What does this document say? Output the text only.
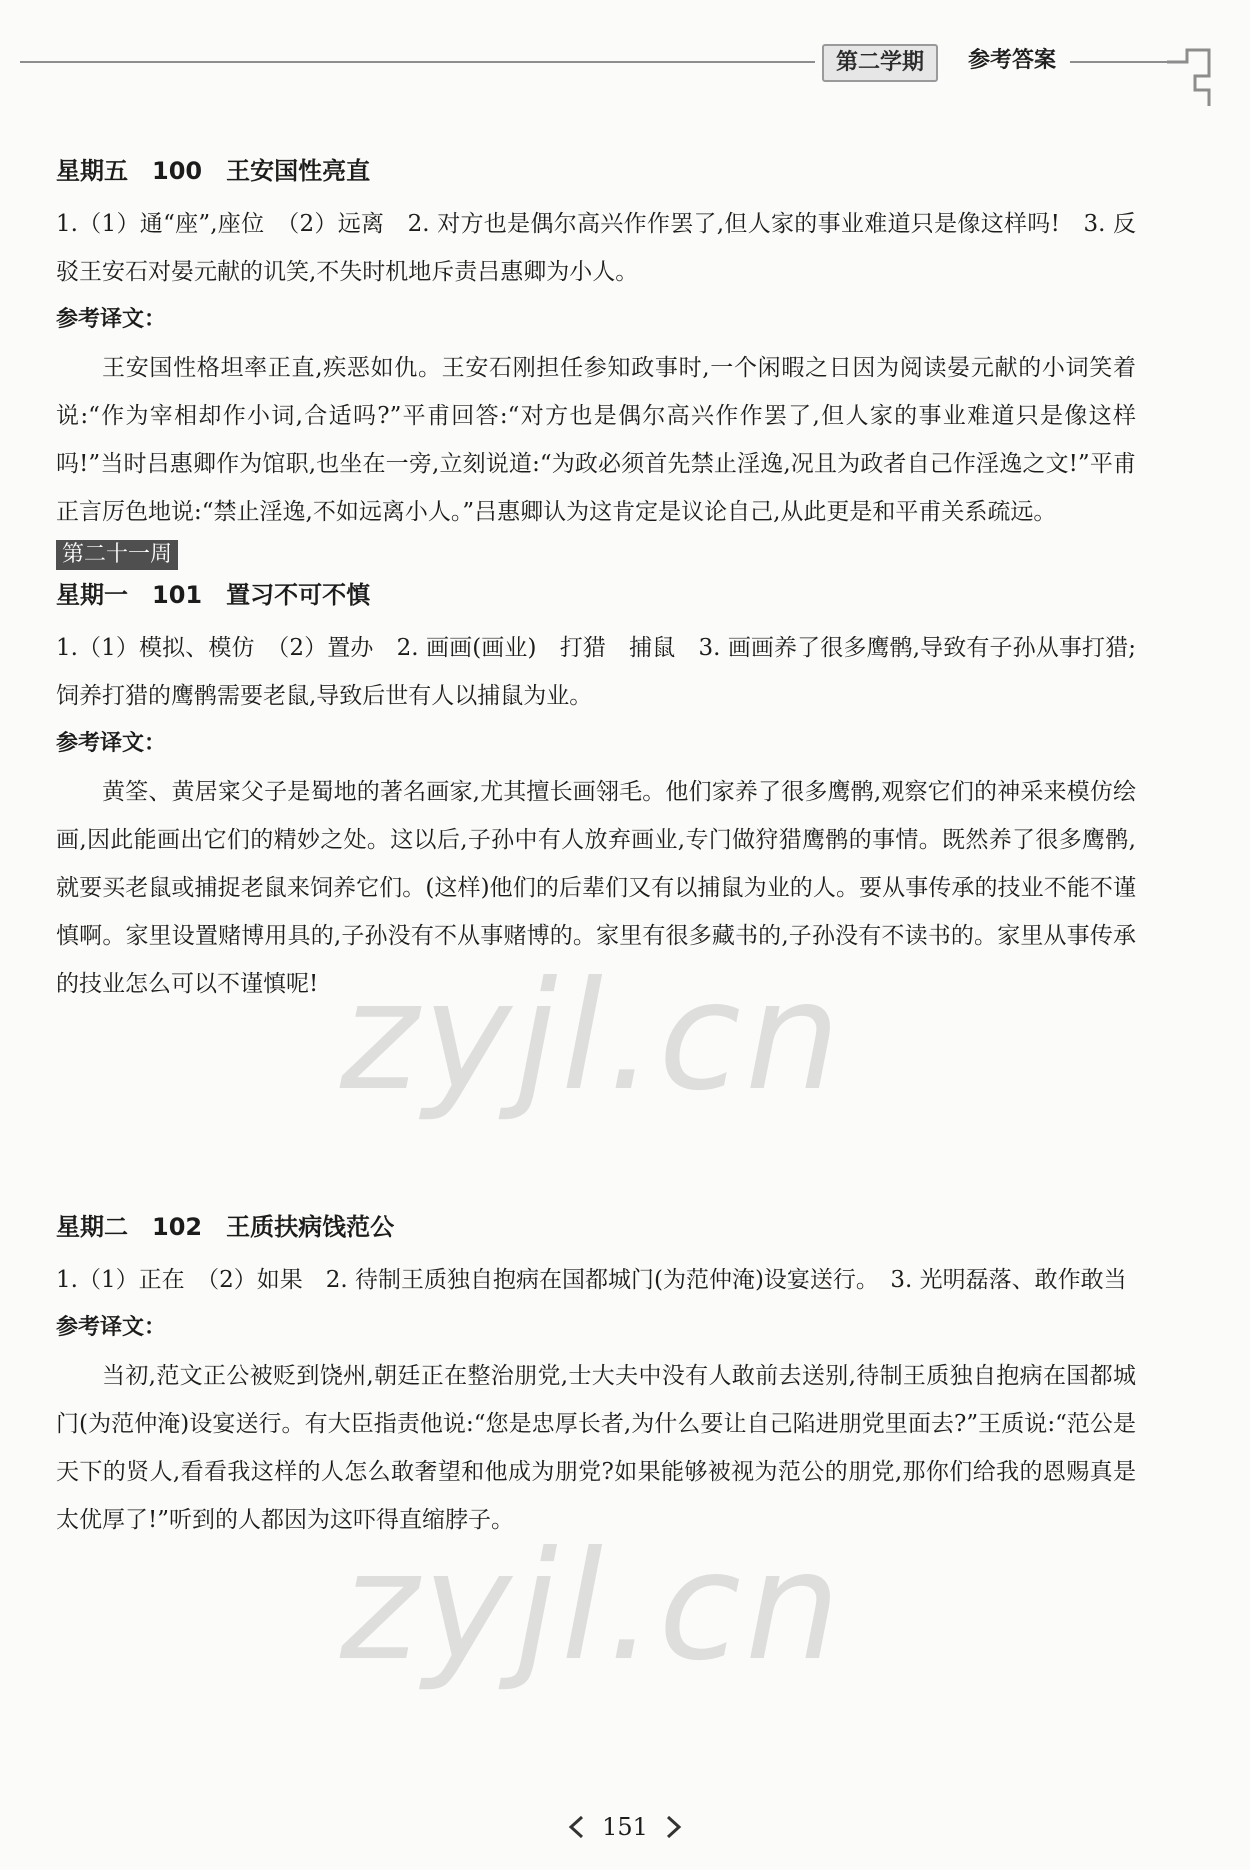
第二学期	参考答案
星期五　100　王安国性亮直

1.（1）通“座”,座位　（2）远离　2. 对方也是偶尔高兴作作罢了,但人家的事业难道只是像这样吗!　3. 反驳王安石对晏元献的讥笑,不失时机地斥责吕惠卿为小人。

参考译文：

王安国性格坦率正直,疾恶如仇。王安石刚担任参知政事时,一个闲暇之日因为阅读晏元献的小词笑着说:“作为宰相却作小词,合适吗?”平甫回答:“对方也是偶尔高兴作作罢了,但人家的事业难道只是像这样吗!”当时吕惠卿作为馆职,也坐在一旁,立刻说道:“为政必须首先禁止淫逸,况且为政者自己作淫逸之文!”平甫正言厉色地说:“禁止淫逸,不如远离小人。”吕惠卿认为这肯定是议论自己,从此更是和平甫关系疏远。

第二十一周
星期一　101　置习不可不慎

1.（1）模拟、模仿　（2）置办　2. 画画(画业)　打猎　捕鼠　3. 画画养了很多鹰鹘,导致有子孙从事打猎;饲养打猎的鹰鹘需要老鼠,导致后世有人以捕鼠为业。

参考译文：

黄筌、黄居寀父子是蜀地的著名画家,尤其擅长画翎毛。他们家养了很多鹰鹘,观察它们的神采来模仿绘画,因此能画出它们的精妙之处。这以后,子孙中有人放弃画业,专门做狩猎鹰鹘的事情。既然养了很多鹰鹘,就要买老鼠或捕捉老鼠来饲养它们。(这样)他们的后辈们又有以捕鼠为业的人。要从事传承的技业不能不谨慎啊。家里设置赌博用具的,子孙没有不从事赌博的。家里有很多藏书的,子孙没有不读书的。家里从事传承的技业怎么可以不谨慎呢!

星期二　102　王质扶病饯范公

1.（1）正在　（2）如果　2. 待制王质独自抱病在国都城门(为范仲淹)设宴送行。　3. 光明磊落、敢作敢当

参考译文：

当初,范文正公被贬到饶州,朝廷正在整治朋党,士大夫中没有人敢前去送别,待制王质独自抱病在国都城门(为范仲淹)设宴送行。有大臣指责他说:“您是忠厚长者,为什么要让自己陷进朋党里面去?”王质说:“范公是天下的贤人,看看我这样的人怎么敢奢望和他成为朋党?如果能够被视为范公的朋党,那你们给我的恩赐真是太优厚了!”听到的人都因为这吓得直缩脖子。

zyjl.cn
zyjl.cn
151
